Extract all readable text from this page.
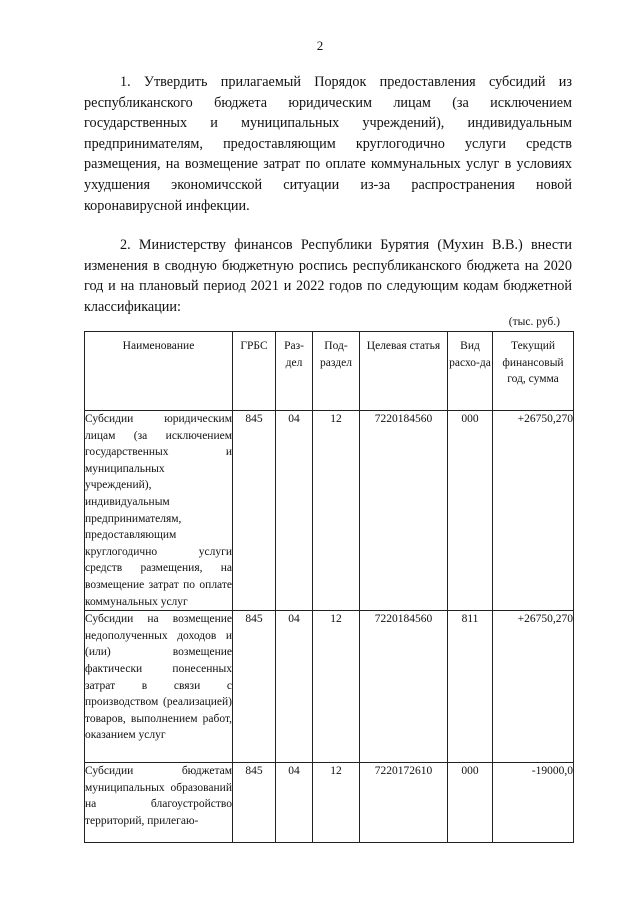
2

1. Утвердить прилагаемый Порядок предоставления субсидий из республиканского бюджета юридическим лицам (за исключением государственных и муниципальных учреждений), индивидуальным предпринимателям, предоставляющим круглогодично услуги средств размещения, на возмещение затрат по оплате коммунальных услуг в условиях ухудшения экономичсской ситуации из-за распространения новой коронавирусной инфекции.

2. Министерству финансов Республики Бурятия (Мухин В.В.) внести изменения в сводную бюджетную роспись республиканского бюджета на 2020 год и на плановый период 2021 и 2022 годов по следующим кодам бюджетной классификации:

(тыс. руб.)
Наименование	ГРБС	Раз-дел	Под-раздел	Целевая статья	Вид расхо-да	Текущий финансовый год, сумма
Субсидии юридическим лицам (за исключением государственных и муниципальных учреждений), индивидуальным предпринимателям, предоставляющим круглогодично услуги средств размещения, на возмещение затрат по оплате коммунальных услуг	845	04	12	7220184560	000	+26750,270
Субсидии на возмещение недополученных доходов и (или) возмещение фактически понесенных затрат в связи с производством (реализацией) товаров, выполнением работ, оказанием услуг	845	04	12	7220184560	811	+26750,270
Субсидии бюджетам муниципальных образований на благоустройство территорий, прилегаю-	845	04	12	7220172610	000	-19000,0
